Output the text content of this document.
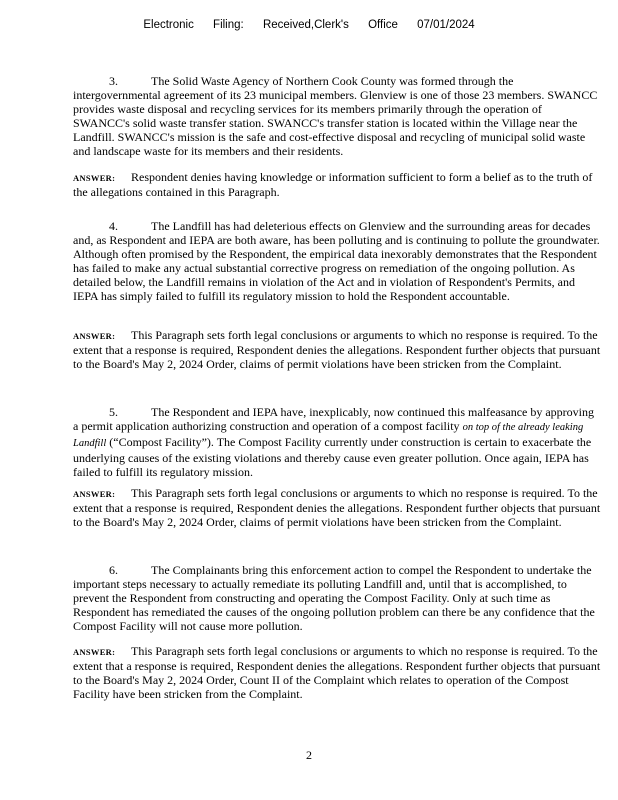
Electronic Filing: Received,Clerk's Office 07/01/2024
3.	The Solid Waste Agency of Northern Cook County was formed through the intergovernmental agreement of its 23 municipal members. Glenview is one of those 23 members. SWANCC provides waste disposal and recycling services for its members primarily through the operation of SWANCC's solid waste transfer station. SWANCC's transfer station is located within the Village near the Landfill. SWANCC's mission is the safe and cost-effective disposal and recycling of municipal solid waste and landscape waste for its members and their residents.
ANSWER: Respondent denies having knowledge or information sufficient to form a belief as to the truth of the allegations contained in this Paragraph.
4.	The Landfill has had deleterious effects on Glenview and the surrounding areas for decades and, as Respondent and IEPA are both aware, has been polluting and is continuing to pollute the groundwater. Although often promised by the Respondent, the empirical data inexorably demonstrates that the Respondent has failed to make any actual substantial corrective progress on remediation of the ongoing pollution. As detailed below, the Landfill remains in violation of the Act and in violation of Respondent's Permits, and IEPA has simply failed to fulfill its regulatory mission to hold the Respondent accountable.
ANSWER: This Paragraph sets forth legal conclusions or arguments to which no response is required. To the extent that a response is required, Respondent denies the allegations. Respondent further objects that pursuant to the Board's May 2, 2024 Order, claims of permit violations have been stricken from the Complaint.
5.	The Respondent and IEPA have, inexplicably, now continued this malfeasance by approving a permit application authorizing construction and operation of a compost facility on top of the already leaking Landfill (“Compost Facility”). The Compost Facility currently under construction is certain to exacerbate the underlying causes of the existing violations and thereby cause even greater pollution. Once again, IEPA has failed to fulfill its regulatory mission.
ANSWER: This Paragraph sets forth legal conclusions or arguments to which no response is required. To the extent that a response is required, Respondent denies the allegations. Respondent further objects that pursuant to the Board's May 2, 2024 Order, claims of permit violations have been stricken from the Complaint.
6.	The Complainants bring this enforcement action to compel the Respondent to undertake the important steps necessary to actually remediate its polluting Landfill and, until that is accomplished, to prevent the Respondent from constructing and operating the Compost Facility. Only at such time as Respondent has remediated the causes of the ongoing pollution problem can there be any confidence that the Compost Facility will not cause more pollution.
ANSWER: This Paragraph sets forth legal conclusions or arguments to which no response is required. To the extent that a response is required, Respondent denies the allegations. Respondent further objects that pursuant to the Board's May 2, 2024 Order, Count II of the Complaint which relates to operation of the Compost Facility have been stricken from the Complaint.
2
